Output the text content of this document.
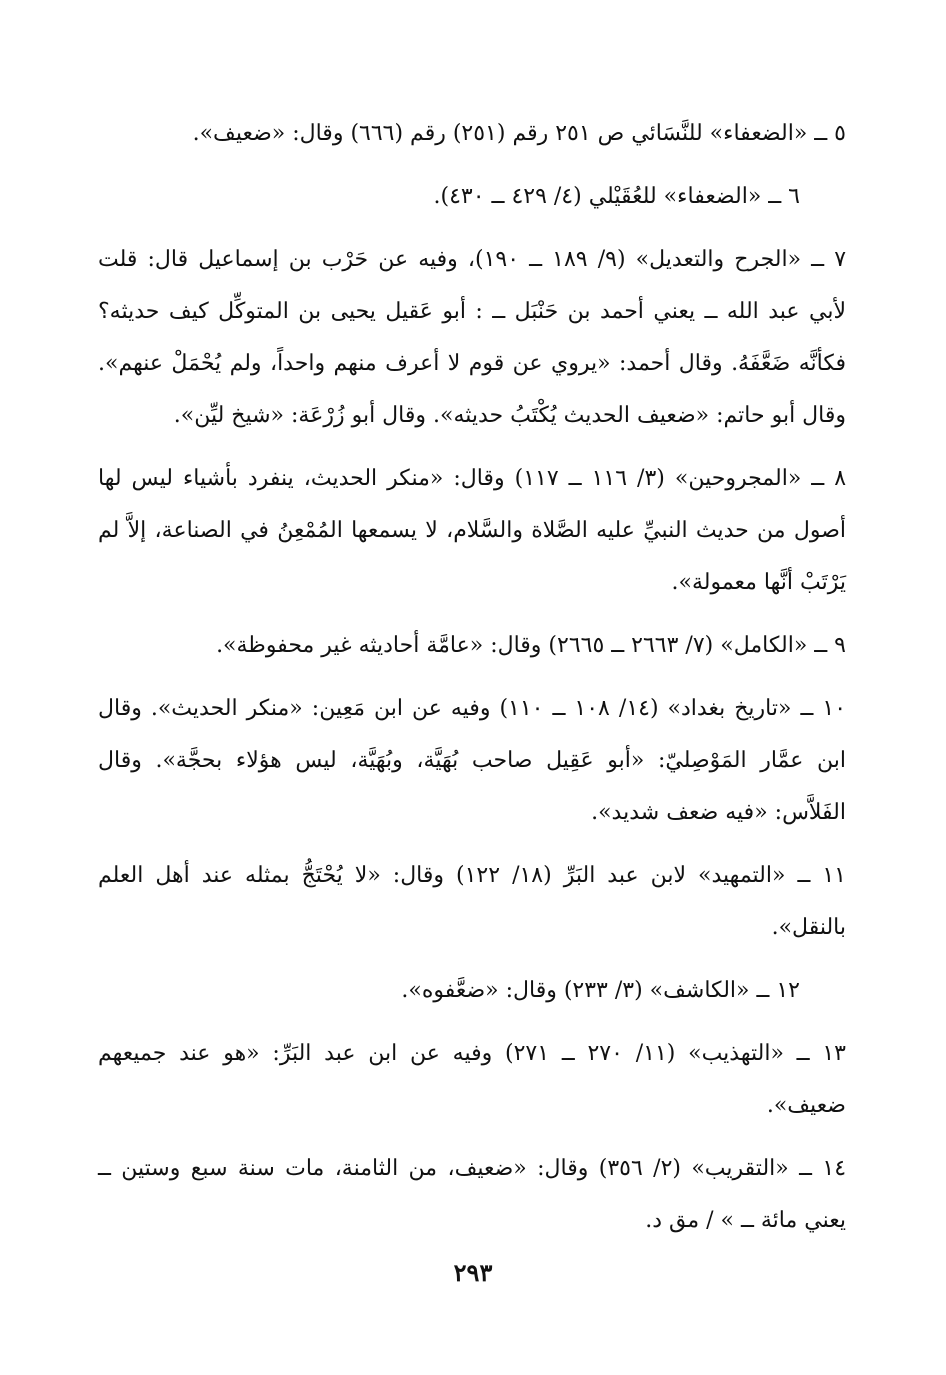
٥ ــ «الضعفاء» للنَّسَائي ص ٢٥١ رقم (٢٥١) رقم (٦٦٦) وقال: «ضعيف».

٦ ــ «الضعفاء» للعُقَيْلي (٤/ ٤٢٩ ــ ٤٣٠).

٧ ــ «الجرح والتعديل» (٩/ ١٨٩ ــ ١٩٠)، وفيه عن حَرْب بن إسماعيل قال: قلت لأبي عبد الله ــ يعني أحمد بن حَنْبَل ــ : أبو عَقيل يحيى بن المتوكِّل كيف حديثه؟ فكأنَّه ضَعَّفَهُ. وقال أحمد: «يروي عن قوم لا أعرف منهم واحداً، ولم يُحْمَلْ عنهم». وقال أبو حاتم: «ضعيف الحديث يُكْتَبُ حديثه». وقال أبو زُرْعَة: «شيخ ليِّن».

٨ ــ «المجروحين» (٣/ ١١٦ ــ ١١٧) وقال: «منكر الحديث، ينفرد بأشياء ليس لها أصول من حديث النبيِّ عليه الصَّلاة والسَّلام، لا يسمعها المُمْعِنُ في الصناعة، إلاَّ لم يَرْتَبْ أنَّها معمولة».

٩ ــ «الكامل» (٧/ ٢٦٦٣ ــ ٢٦٦٥) وقال: «عامَّة أحاديثه غير محفوظة».

١٠ ــ «تاريخ بغداد» (١٤/ ١٠٨ ــ ١١٠) وفيه عن ابن مَعِين: «منكر الحديث». وقال ابن عمَّار المَوْصِليّ: «أبو عَقِيل صاحب بُهَيَّة، وبُهَيَّة، ليس هؤلاء بحجَّة». وقال الفَلاَّس: «فيه ضعف شديد».

١١ ــ «التمهيد» لابن عبد البَرِّ (١٨/ ١٢٢) وقال: «لا يُحْتَجُّ بمثله عند أهل العلم بالنقل».

١٢ ــ «الكاشف» (٣/ ٢٣٣) وقال: «ضعَّفوه».

١٣ ــ «التهذيب» (١١/ ٢٧٠ ــ ٢٧١) وفيه عن ابن عبد البَرِّ: «هو عند جميعهم ضعيف».

١٤ ــ «التقريب» (٢/ ٣٥٦) وقال: «ضعيف، من الثامنة، مات سنة سبع وستين ــ يعني مائة ــ » / مق د.

٢٩٣
